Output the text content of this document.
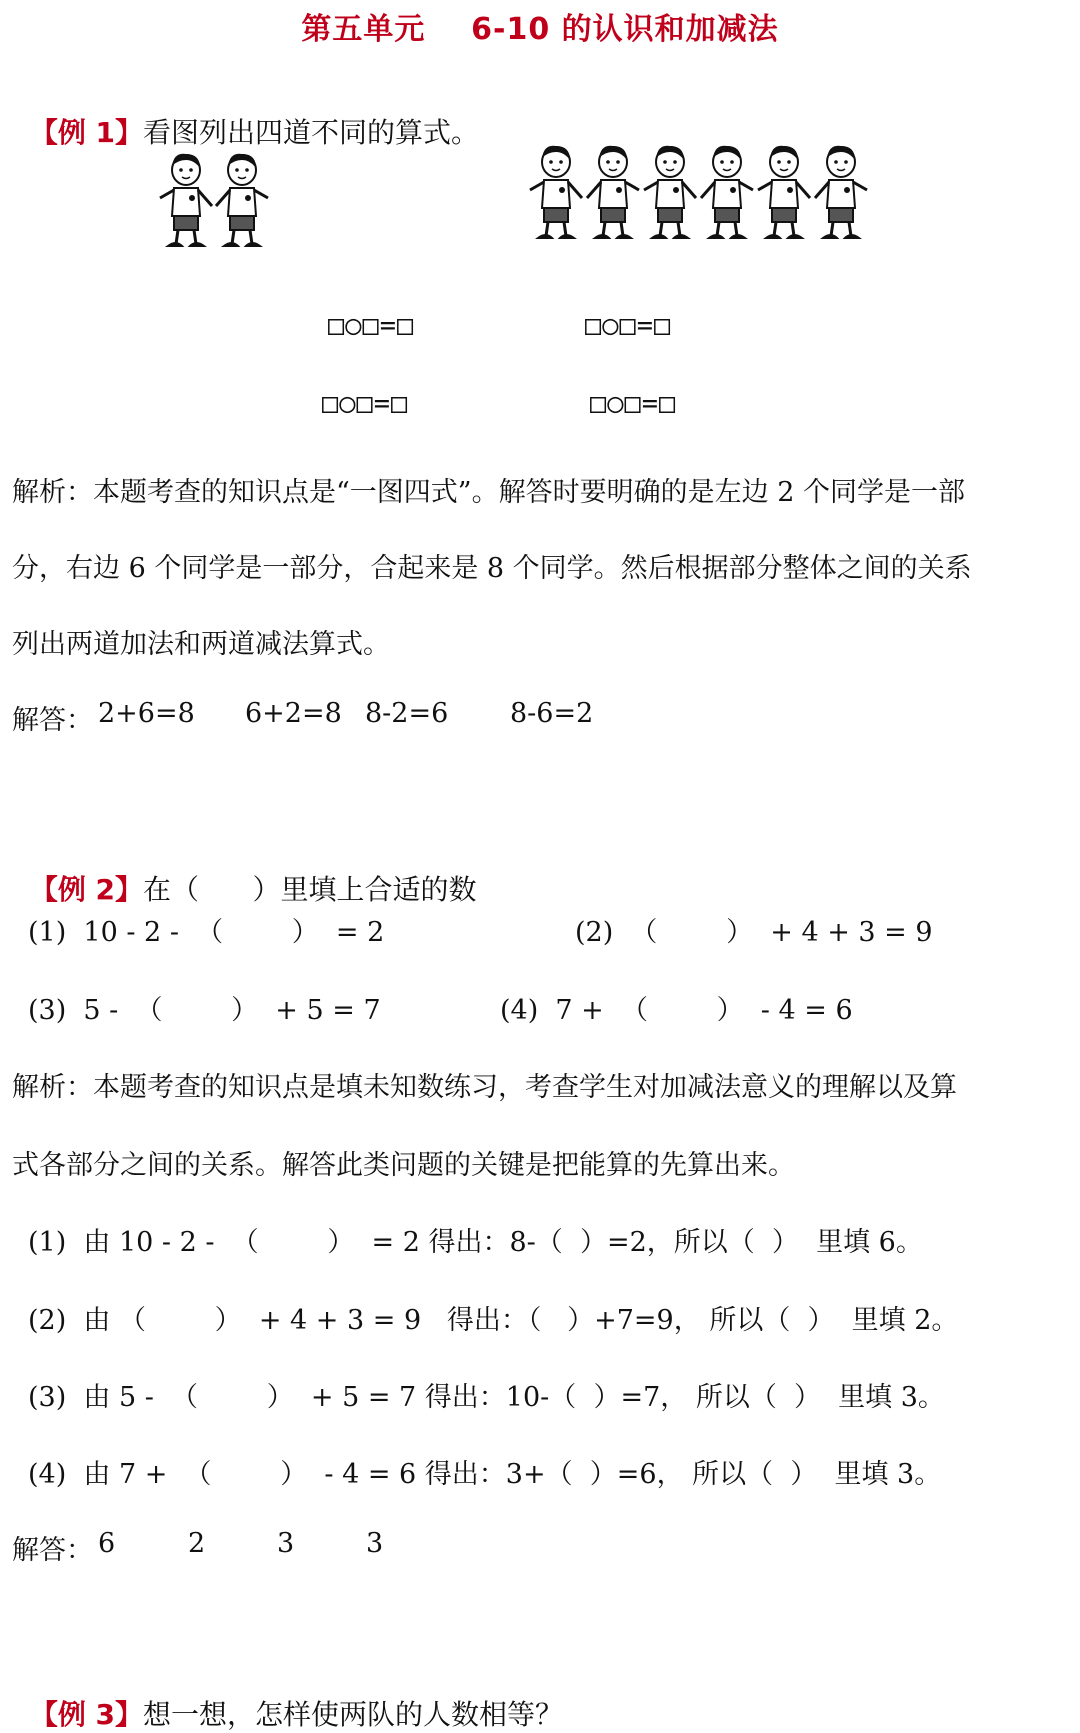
第五单元    6-10 的认识和加减法

【例 1】看图列出四道不同的算式。

□○□=□	□○□=□
□○□=□	□○□=□
解析：本题考查的知识点是“一图四式”。解答时要明确的是左边 2 个同学是一部
分，右边 6 个同学是一部分，合起来是 8 个同学。然后根据部分整体之间的关系
列出两道加法和两道减法算式。
解答： 2+6=8 6+2=8 8-2=6 8-6=2

【例 2】在（      ）里填上合适的数

(1)  10 - 2 -  （        ）  = 2	(2)  （        ）  + 4 + 3 = 9
(3)  5 -  （        ）  + 5 = 7	(4)  7 +  （        ）  - 4 = 6
解析：本题考查的知识点是填未知数练习，考查学生对加减法意义的理解以及算
式各部分之间的关系。解答此类问题的关键是把能算的先算出来。
(1)  由 10 - 2 -  （        ）  = 2 得出：8-（  ）=2，所以（  ）  里填 6。
(2)  由 （        ）  + 4 + 3 = 9   得出：（   ）+7=9， 所以（  ）  里填 2。
(3)  由 5 -  （        ）  + 5 = 7 得出：10-（  ）=7， 所以（  ）  里填 3。
(4)  由 7 +  （        ）  - 4 = 6 得出：3+（  ）=6， 所以（  ）  里填 3。
解答： 6	2	3	3

【例 3】想一想，怎样使两队的人数相等？
